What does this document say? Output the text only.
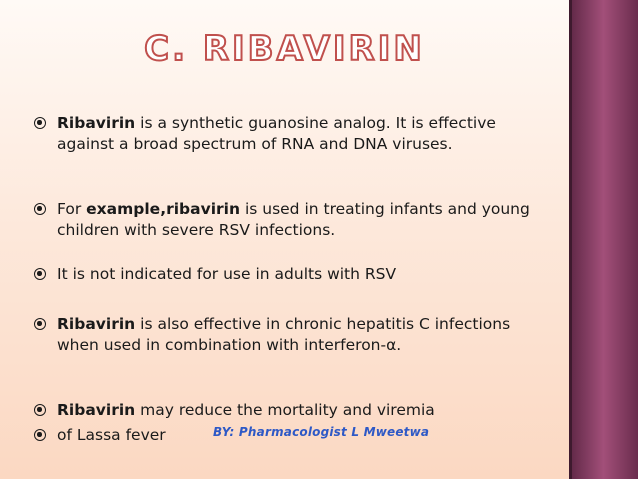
C. RIBAVIRIN
Ribavirin is a synthetic guanosine analog. It is effective against a broad spectrum of RNA and DNA viruses.
For example,ribavirin is used in treating infants and young children with severe RSV infections.
It is not indicated for use in adults with RSV
Ribavirin is also effective in chronic hepatitis C infections when used in combination with interferon-α.
Ribavirin may reduce the mortality and viremia
of Lassa fever	BY: Pharmacologist L Mweetwa
